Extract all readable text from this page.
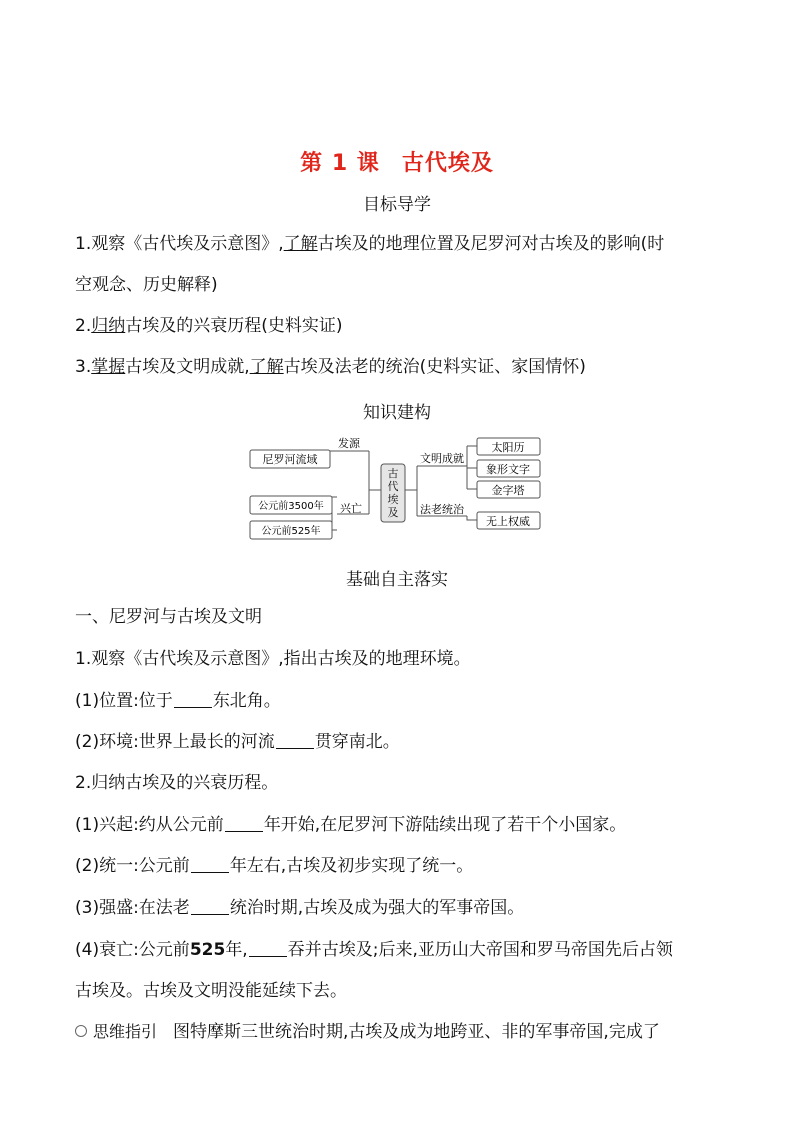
第 1 课 古代埃及
目标导学
1.观察《古代埃及示意图》,了解古埃及的地理位置及尼罗河对古埃及的影响(时
空观念、历史解释)
2.归纳古埃及的兴衰历程(史料实证)
3.掌握古埃及文明成就,了解古埃及法老的统治(史料实证、家国情怀)
知识建构
古
代
埃
及
尼罗河流域
发源
公元前3500年
公元前525年
兴亡
文明成就
法老统治
太阳历
象形文字
金字塔
无上权威
基础自主落实
一、尼罗河与古埃及文明
1.观察《古代埃及示意图》,指出古埃及的地理环境。
(1)位置:位于 东北角。
(2)环境:世界上最长的河流 贯穿南北。
2.归纳古埃及的兴衰历程。
(1)兴起:约从公元前 年开始,在尼罗河下游陆续出现了若干个小国家。
(2)统一:公元前 年左右,古埃及初步实现了统一。
(3)强盛:在法老 统治时期,古埃及成为强大的军事帝国。
(4)衰亡:公元前525年, 吞并古埃及;后来,亚历山大帝国和罗马帝国先后占领
古埃及。古埃及文明没能延续下去。
思维指引 图特摩斯三世统治时期,古埃及成为地跨亚、非的军事帝国,完成了
